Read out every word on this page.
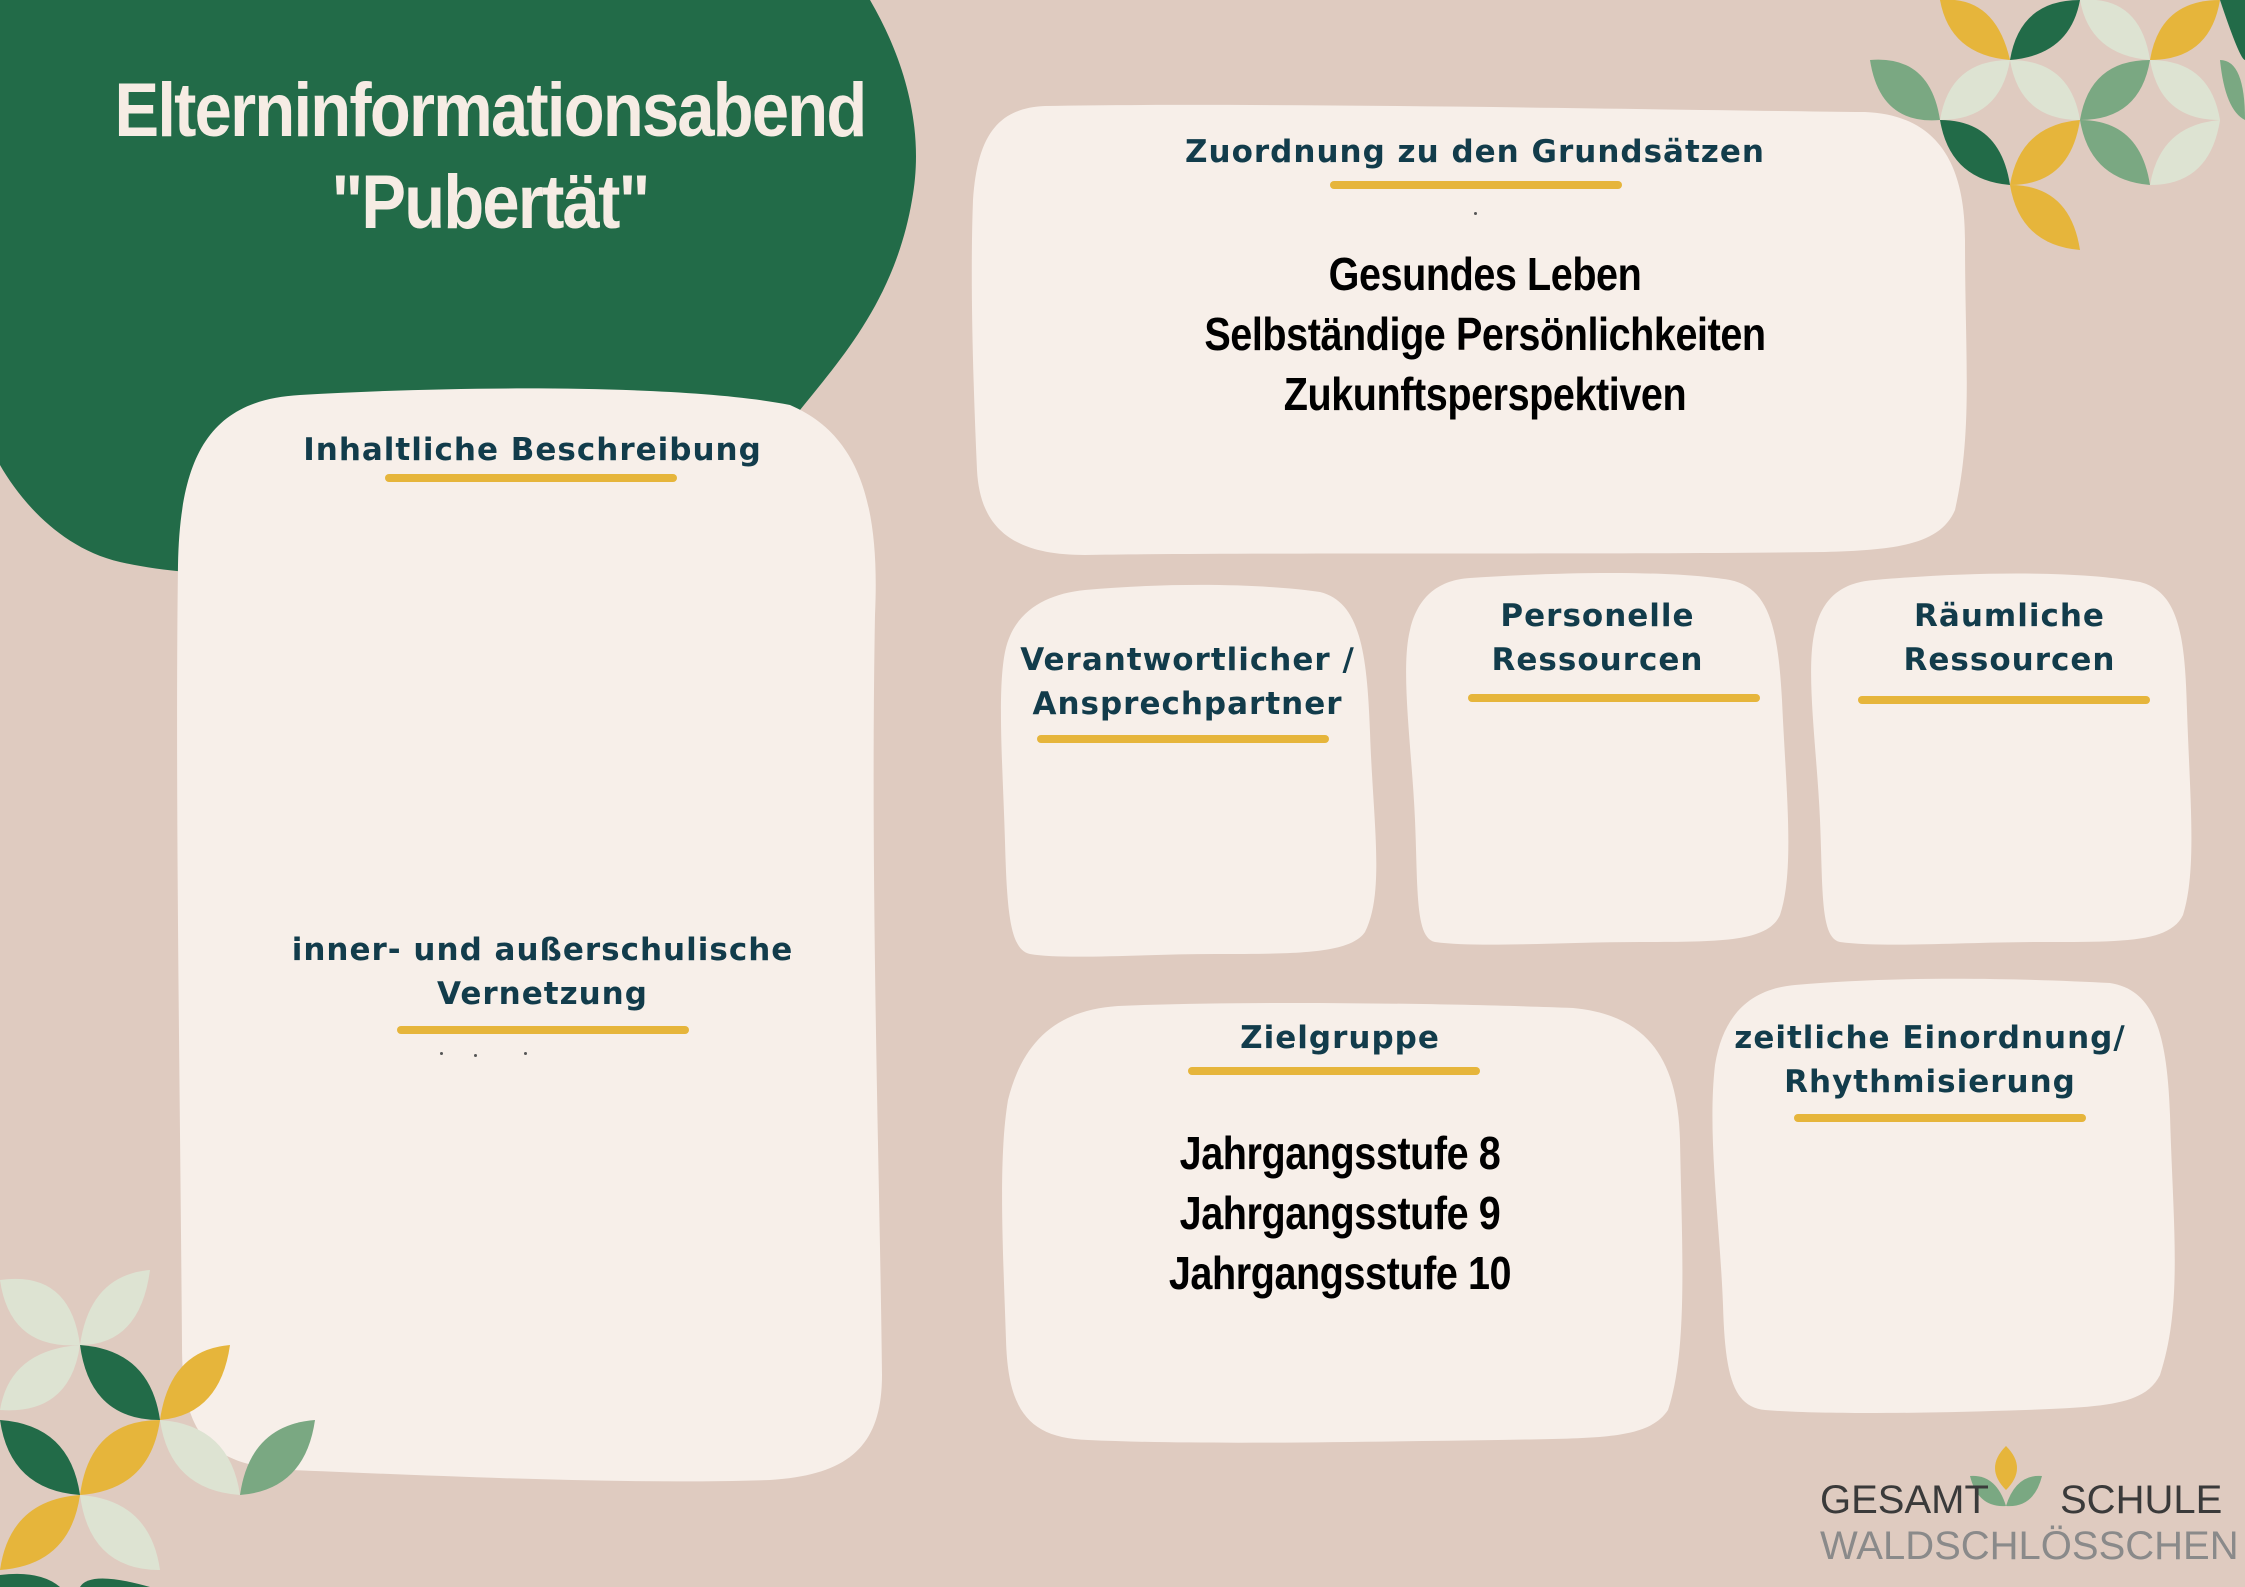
Elterninformationsabend
"Pubertät"
Inhaltliche Beschreibung
inner- und außerschulische
Vernetzung
Zuordnung zu den Grundsätzen
Gesundes Leben
Selbständige Persönlichkeiten
Zukunftsperspektiven
Verantwortlicher /
Ansprechpartner
Personelle
Ressourcen
Räumliche
Ressourcen
Zielgruppe
Jahrgangsstufe 8
Jahrgangsstufe 9
Jahrgangsstufe 10
zeitliche Einordnung/
Rhythmisierung
GESAMT SCHULE
WALDSCHLÖSSCHEN
